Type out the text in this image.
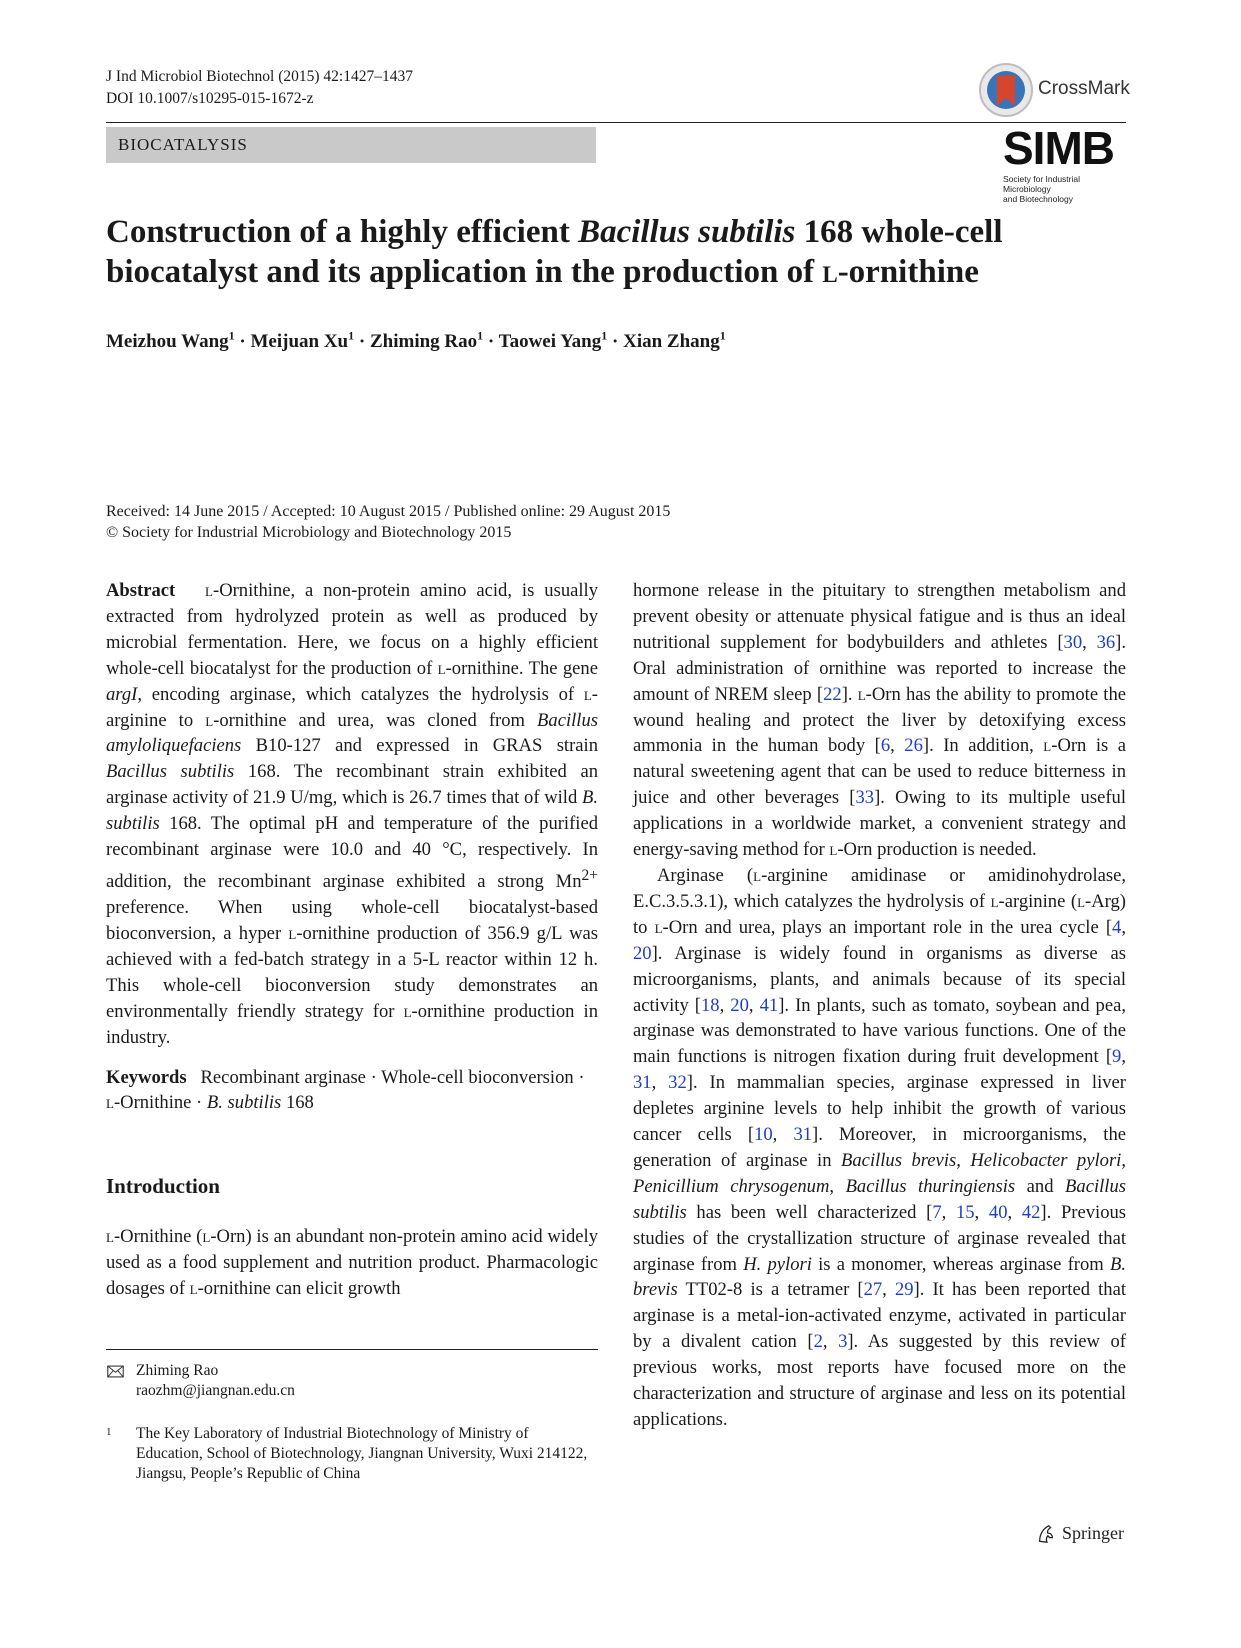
J Ind Microbiol Biotechnol (2015) 42:1427–1437
DOI 10.1007/s10295-015-1672-z
BIOCATALYSIS
CrossMark
SIMB
Society for Industrial Microbiology
and Biotechnology
Construction of a highly efficient Bacillus subtilis 168 whole-cell
biocatalyst and its application in the production of l-ornithine
Meizhou Wang$^1$ · Meijuan $Xu^1 \cdot Zhiming$ Rao$^1$ · Taowei Yang$^1$ · Xian Zhang$^1$
Received: 14 June 2015 / Accepted: 10 August 2015 / Published online: 29 August 2015
© Society for Industrial Microbiology and Biotechnology 2015

Abstract l-Ornithine, a non-protein amino acid, is usually extracted from hydrolyzed protein as well as produced by microbial fermentation. Here, we focus on a highly efficient whole-cell biocatalyst for the production of l-ornithine. The gene argI, encoding arginase, which catalyzes the hydrolysis of l-arginine to l-ornithine and urea, was cloned from Bacillus amyloliquefaciens B10-127 and expressed in GRAS strain Bacillus subtilis 168. The recombinant strain exhibited an arginase activity of 21.9 U/mg, which is 26.7 times that of wild B. subtilis 168. The optimal pH and temperature of the purified recombinant arginase were 10.0 and 40 °C, respectively. In addition, the recombinant arginase exhibited a strong $Mn^{2+}$ preference. When using whole-cell biocatalyst-based bioconversion, a hyper l-ornithine production of 356.9 g/L was achieved with a fed-batch strategy in a 5-L reactor within 12 h. This whole-cell bioconversion study demonstrates an environmentally friendly strategy for l-ornithine production in industry.

Keywords Recombinant arginase · Whole-cell bioconversion · l-Ornithine · B. subtilis 168

Introduction

l-Ornithine (l-Orn) is an abundant non-protein amino acid widely used as a food supplement and nutrition product. Pharmacologic dosages of l-ornithine can elicit growth

Zhiming Rao
raozhm@jiangnan.edu.cn
1	The Key Laboratory of Industrial Biotechnology of Ministry of Education, School of Biotechnology, Jiangnan University, Wuxi 214122, Jiangsu, People’s Republic of China

hormone release in the pituitary to strengthen metabolism and prevent obesity or attenuate physical fatigue and is thus an ideal nutritional supplement for bodybuilders and athletes [30, 36]. Oral administration of ornithine was reported to increase the amount of NREM sleep [22]. l-Orn has the ability to promote the wound healing and protect the liver by detoxifying excess ammonia in the human body [6, 26]. In addition, l-Orn is a natural sweetening agent that can be used to reduce bitterness in juice and other beverages [33]. Owing to its multiple useful applications in a worldwide market, a convenient strategy and energy-saving method for l-Orn production is needed.

Arginase (l-arginine amidinase or amidinohydrolase, E.C.3.5.3.1), which catalyzes the hydrolysis of l-arginine (l-Arg) to l-Orn and urea, plays an important role in the urea cycle [4, 20]. Arginase is widely found in organisms as diverse as microorganisms, plants, and animals because of its special activity [18, 20, 41]. In plants, such as tomato, soybean and pea, arginase was demonstrated to have various functions. One of the main functions is nitrogen fixation during fruit development [9, 31, 32]. In mammalian species, arginase expressed in liver depletes arginine levels to help inhibit the growth of various cancer cells [10, 31]. Moreover, in microorganisms, the generation of arginase in Bacillus brevis, Helicobacter pylori, Penicillium chrysogenum, Bacillus thuringiensis and Bacillus subtilis has been well characterized [7, 15, 40, 42]. Previous studies of the crystallization structure of arginase revealed that arginase from H. pylori is a monomer, whereas arginase from B. brevis TT02-8 is a tetramer [27, 29]. It has been reported that arginase is a metal-ion-activated enzyme, activated in particular by a divalent cation [2, 3]. As suggested by this review of previous works, most reports have focused more on the characterization and structure of arginase and less on its potential applications.

Springer
